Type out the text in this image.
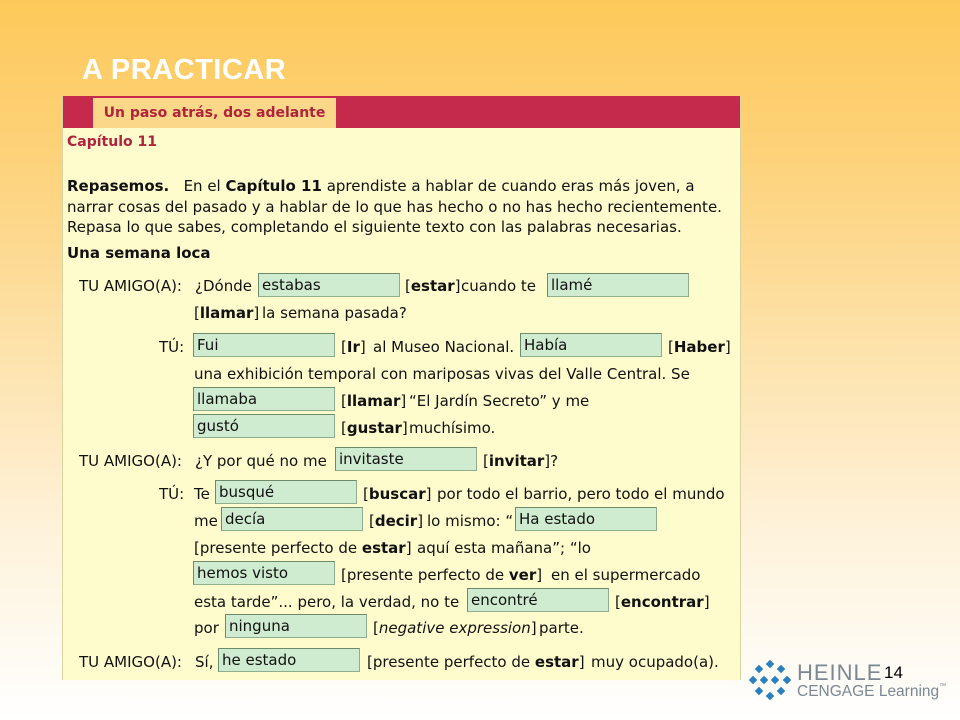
A PRACTICAR
Un paso atrás, dos adelante
Capítulo 11
Repasemos. En el Capítulo 11 aprendiste a hablar de cuando eras más joven, a narrar cosas del pasado y a hablar de lo que has hecho o no has hecho recientemente. Repasa lo que sabes, completando el siguiente texto con las palabras necesarias.
Una semana loca
TU AMIGO(A): ¿Dónde estabas	[estar] cuando te llamé
[llamar] la semana pasada?
TÚ: Fui	[Ir] al Museo Nacional. Había	[Haber]
una exhibición temporal con mariposas vivas del Valle Central. Se
llamaba	[llamar] “El Jardín Secreto” y me
gustó	[gustar] muchísimo.
TU AMIGO(A): ¿Y por qué no me invitaste	[invitar]?
TÚ: Te busqué	[buscar] por todo el barrio, pero todo el mundo
me decía	[decir] lo mismo: “ Ha estado
[presente perfecto de estar] aquí esta mañana”; “lo
hemos visto	[presente perfecto de ver] en el supermercado
esta tarde”... pero, la verdad, no te encontré	[encontrar]
por ninguna	[negative expression] parte.
TU AMIGO(A): Sí, he estado	[presente perfecto de estar] muy ocupado(a).	HEINLE
CENGAGE Learning™
14
